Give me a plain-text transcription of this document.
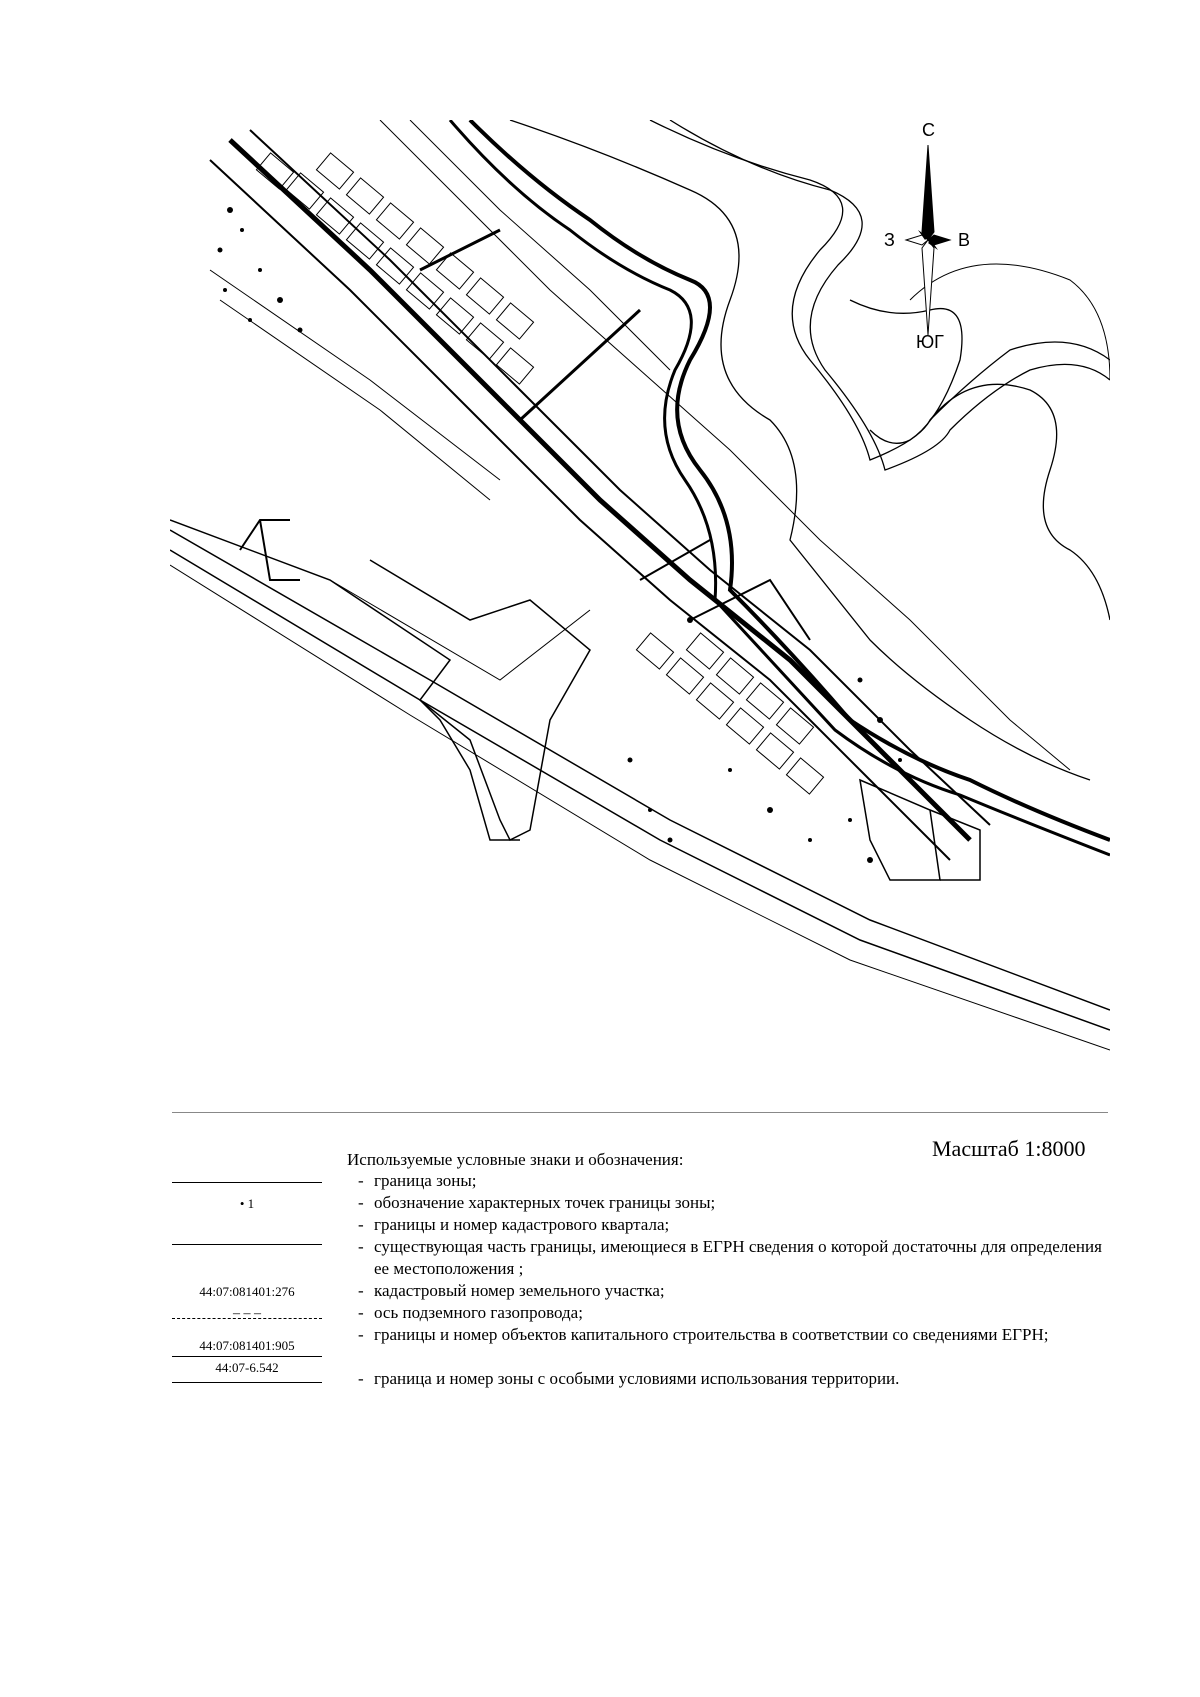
С
З	В
ЮГ
Масштаб 1:8000
Используемые условные знаки и обозначения:
• 1
44:07:081401:276
– – –
44:07:081401:905
44:07-6.542
- граница зоны;
- обозначение характерных точек границы зоны;
- границы и номер кадастрового квартала;
- существующая часть границы, имеющиеся в ЕГРН сведения о которой достаточны для определения ее местоположения ;
- кадастровый номер земельного участка;
- ось подземного газопровода;
- границы и номер объектов капитального строительства в соответствии со сведениями ЕГРН;
- граница и номер зоны с особыми условиями использования территории.
